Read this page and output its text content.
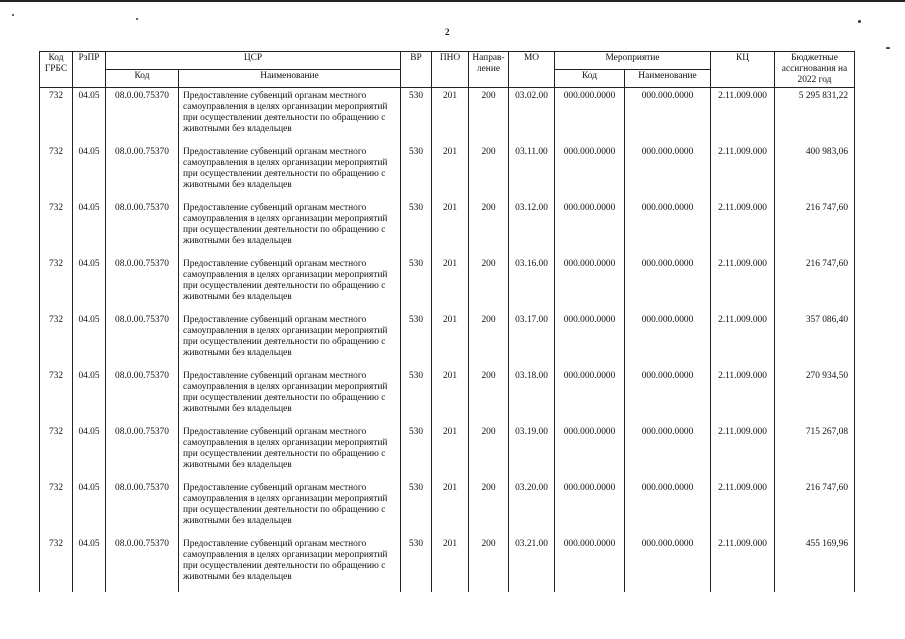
2
Код ГРБС	РзПР	ЦСР		ВР	ПНО	Направ-ление	МО	Мероприятие		КЦ	Бюджетные ассигнования на 2022 год
		Код	Наименование					Код	Наименование		
732	04.05	08.0.00.75370	Предоставление субвенций органам местного самоуправления в целях организации мероприятий при осуществлении деятельности по обращению с животными без владельцев	530	201	200	03.02.00	000.000.0000	000.000.0000	2.11.009.000	5 295 831,22
732	04.05	08.0.00.75370	Предоставление субвенций органам местного самоуправления в целях организации мероприятий при осуществлении деятельности по обращению с животными без владельцев	530	201	200	03.11.00	000.000.0000	000.000.0000	2.11.009.000	400 983,06
732	04.05	08.0.00.75370	Предоставление субвенций органам местного самоуправления в целях организации мероприятий при осуществлении деятельности по обращению с животными без владельцев	530	201	200	03.12.00	000.000.0000	000.000.0000	2.11.009.000	216 747,60
732	04.05	08.0.00.75370	Предоставление субвенций органам местного самоуправления в целях организации мероприятий при осуществлении деятельности по обращению с животными без владельцев	530	201	200	03.16.00	000.000.0000	000.000.0000	2.11.009.000	216 747,60
732	04.05	08.0.00.75370	Предоставление субвенций органам местного самоуправления в целях организации мероприятий при осуществлении деятельности по обращению с животными без владельцев	530	201	200	03.17.00	000.000.0000	000.000.0000	2.11.009.000	357 086,40
732	04.05	08.0.00.75370	Предоставление субвенций органам местного самоуправления в целях организации мероприятий при осуществлении деятельности по обращению с животными без владельцев	530	201	200	03.18.00	000.000.0000	000.000.0000	2.11.009.000	270 934,50
732	04.05	08.0.00.75370	Предоставление субвенций органам местного самоуправления в целях организации мероприятий при осуществлении деятельности по обращению с животными без владельцев	530	201	200	03.19.00	000.000.0000	000.000.0000	2.11.009.000	715 267,08
732	04.05	08.0.00.75370	Предоставление субвенций органам местного самоуправления в целях организации мероприятий при осуществлении деятельности по обращению с животными без владельцев	530	201	200	03.20.00	000.000.0000	000.000.0000	2.11.009.000	216 747,60
732	04.05	08.0.00.75370	Предоставление субвенций органам местного самоуправления в целях организации мероприятий при осуществлении деятельности по обращению с животными без владельцев	530	201	200	03.21.00	000.000.0000	000.000.0000	2.11.009.000	455 169,96
